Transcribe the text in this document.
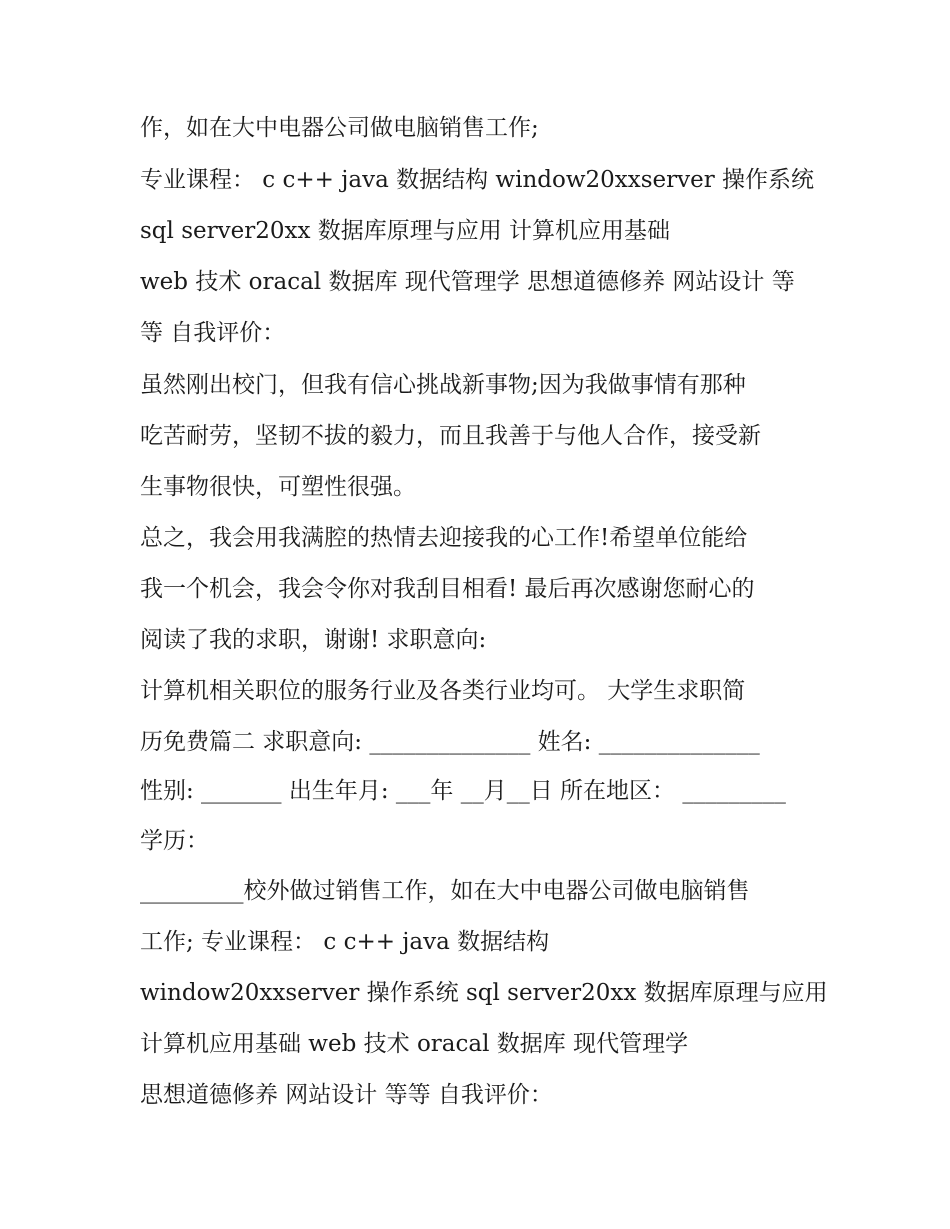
作，如在大中电器公司做电脑销售工作;

专业课程： c c++ java 数据结构 window20xxserver 操作系统

sql server20xx 数据库原理与应用 计算机应用基础

web 技术 oracal 数据库 现代管理学 思想道德修养 网站设计 等

等 自我评价：

虽然刚出校门，但我有信心挑战新事物;因为我做事情有那种

吃苦耐劳，坚韧不拔的毅力，而且我善于与他人合作，接受新

生事物很快，可塑性很强。

总之，我会用我满腔的热情去迎接我的心工作!希望单位能给

我一个机会，我会令你对我刮目相看! 最后再次感谢您耐心的

阅读了我的求职，谢谢! 求职意向:

计算机相关职位的服务行业及各类行业均可。 大学生求职简

历免费篇二 求职意向: ______________ 姓名: ______________

性别: _______ 出生年月: ___年 __月__日 所在地区： _________

学历：

_________校外做过销售工作，如在大中电器公司做电脑销售

工作; 专业课程： c c++ java 数据结构

window20xxserver 操作系统 sql server20xx 数据库原理与应用

计算机应用基础 web 技术 oracal 数据库 现代管理学

思想道德修养 网站设计 等等 自我评价：
